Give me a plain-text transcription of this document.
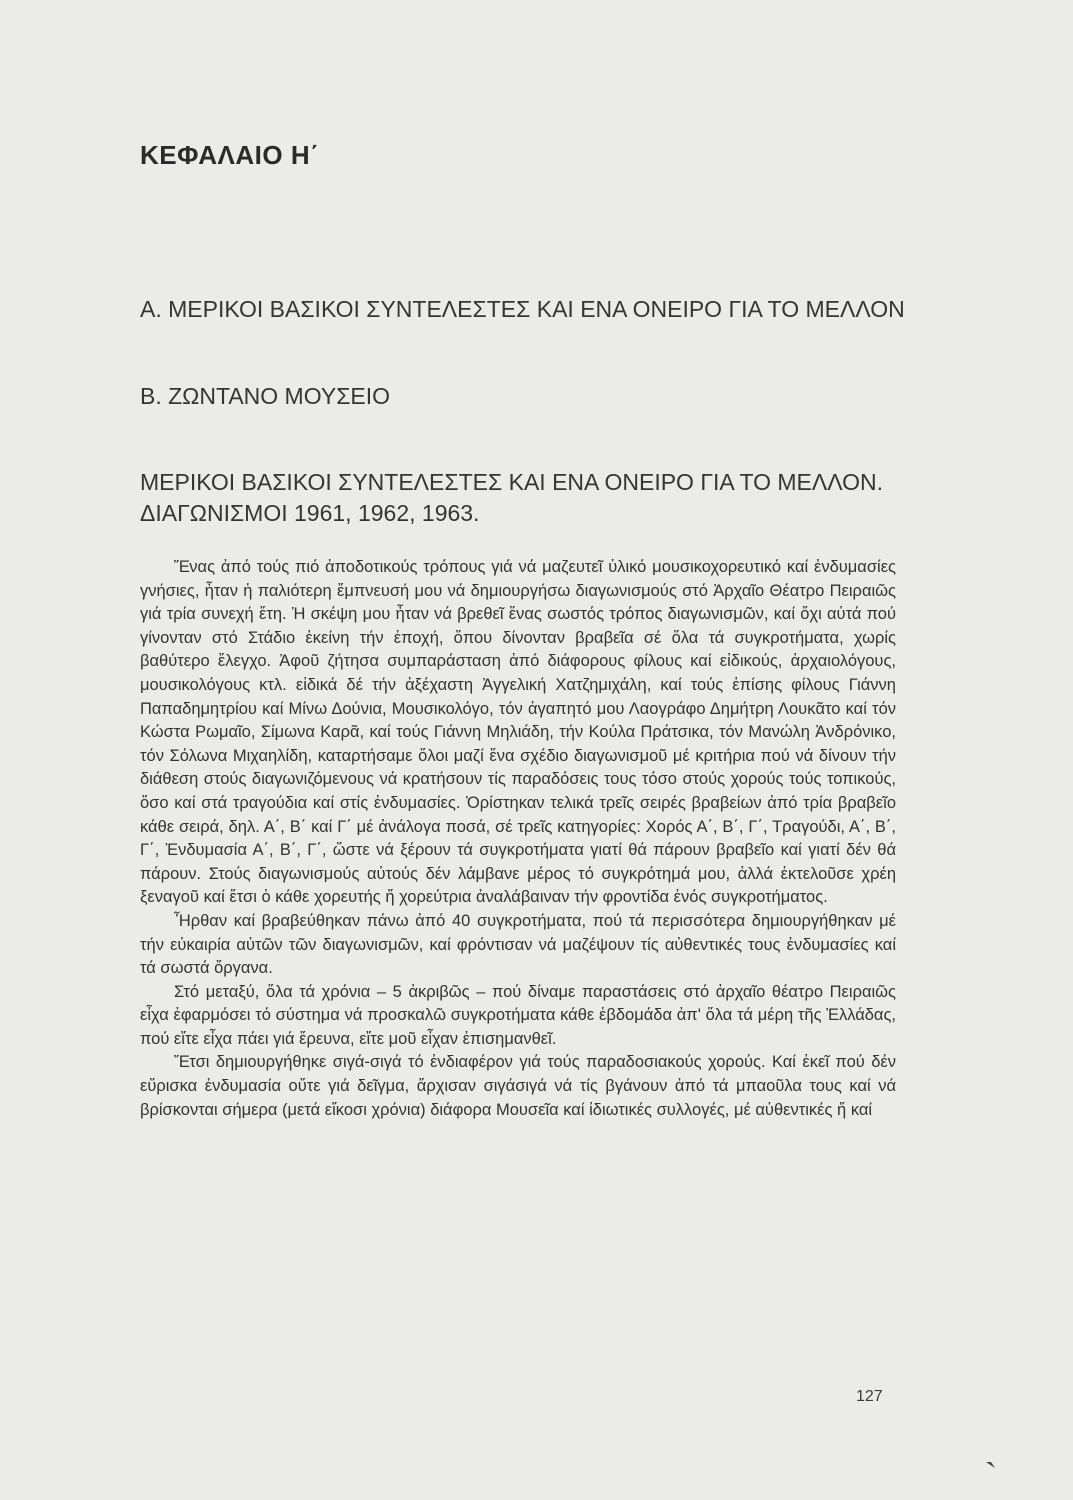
ΚΕΦΑΛΑΙΟ Η΄
Α. ΜΕΡΙΚΟΙ ΒΑΣΙΚΟΙ ΣΥΝΤΕΛΕΣΤΕΣ ΚΑΙ ΕΝΑ ΟΝΕΙΡΟ ΓΙΑ ΤΟ ΜΕΛΛΟΝ
Β. ΖΩΝΤΑΝΟ ΜΟΥΣΕΙΟ
ΜΕΡΙΚΟΙ ΒΑΣΙΚΟΙ ΣΥΝΤΕΛΕΣΤΕΣ ΚΑΙ ΕΝΑ ΟΝΕΙΡΟ ΓΙΑ ΤΟ ΜΕΛΛΟΝ. ΔΙΑΓΩΝΙΣΜΟΙ 1961, 1962, 1963.

Ἕνας ἀπό τούς πιό ἀποδοτικούς τρόπους γιά νά μαζευτεῖ ὑλικό μουσικοχορευτικό καί ἐνδυμασίες γνήσιες, ἦταν ἡ παλιότερη ἔμπνευσή μου νά δημιουργήσω διαγωνισμούς στό Ἀρχαῖο Θέατρο Πειραιῶς γιά τρία συνεχή ἔτη. Ἡ σκέψη μου ἦταν νά βρεθεῖ ἕνας σωστός τρόπος διαγωνισμῶν, καί ὄχι αὐτά πού γίνονταν στό Στάδιο ἐκείνη τήν ἐποχή, ὅπου δίνονταν βραβεῖα σέ ὅλα τά συγκροτήματα, χωρίς βαθύτερο ἔλεγχο. Ἀφοῦ ζήτησα συμπαράσταση ἀπό διάφορους φίλους καί εἰδικούς, ἀρχαιολόγους, μουσικολόγους κτλ. εἰδικά δέ τήν ἀξέχαστη Ἀγγελική Χατζημιχάλη, καί τούς ἐπίσης φίλους Γιάννη Παπαδημητρίου καί Μίνω Δούνια, Μουσικολόγο, τόν ἀγαπητό μου Λαογράφο Δημήτρη Λουκᾶτο καί τόν Κώστα Ρωμαῖο, Σίμωνα Καρᾶ, καί τούς Γιάννη Μηλιάδη, τήν Κούλα Πράτσικα, τόν Μανώλη Ἀνδρόνικο, τόν Σόλωνα Μιχαηλίδη, καταρτήσαμε ὅλοι μαζί ἕνα σχέδιο διαγωνισμοῦ μέ κριτήρια πού νά δίνουν τήν διάθεση στούς διαγωνιζόμενους νά κρατήσουν τίς παραδόσεις τους τόσο στούς χορούς τούς τοπικούς, ὅσο καί στά τραγούδια καί στίς ἐνδυμασίες. Ὁρίστηκαν τελικά τρεῖς σειρές βραβείων ἀπό τρία βραβεῖο κάθε σειρά, δηλ. Α΄, Β΄ καί Γ΄ μέ ἀνάλογα ποσά, σέ τρεῖς κατηγορίες: Χορός Α΄, Β΄, Γ΄, Τραγούδι, Α΄, Β΄, Γ΄, Ἐνδυμασία Α΄, Β΄, Γ΄, ὥστε νά ξέρουν τά συγκροτήματα γιατί θά πάρουν βραβεῖο καί γιατί δέν θά πάρουν. Στούς διαγωνισμούς αὐτούς δέν λάμβανε μέρος τό συγκρότημά μου, ἀλλά ἐκτελοῦσε χρέη ξεναγοῦ καί ἔτσι ὁ κάθε χορευτής ἤ χορεύτρια ἀναλάβαιναν τήν φροντίδα ἑνός συγκροτήματος.

Ἦρθαν καί βραβεύθηκαν πάνω ἀπό 40 συγκροτήματα, πού τά περισσότερα δημιουργήθηκαν μέ τήν εὐκαιρία αὐτῶν τῶν διαγωνισμῶν, καί φρόντισαν νά μαζέψουν τίς αὐθεντικές τους ἐνδυμασίες καί τά σωστά ὄργανα.

Στό μεταξύ, ὅλα τά χρόνια – 5 ἀκριβῶς – πού δίναμε παραστάσεις στό ἀρχαῖο θέατρο Πειραιῶς εἶχα ἐφαρμόσει τό σύστημα νά προσκαλῶ συγκροτήματα κάθε ἑβδομάδα ἀπ' ὅλα τά μέρη τῆς Ἑλλάδας, πού εἴτε εἶχα πάει γιά ἔρευνα, εἴτε μοῦ εἶχαν ἐπισημανθεῖ.

Ἔτσι δημιουργήθηκε σιγά-σιγά τό ἐνδιαφέρον γιά τούς παραδοσιακούς χορούς. Καί ἐκεῖ πού δέν εὕρισκα ἐνδυμασία οὔτε γιά δεῖγμα, ἄρχισαν σιγάσιγά νά τίς βγάνουν ἀπό τά μπαοῦλα τους καί νά βρίσκονται σήμερα (μετά εἴκοσι χρόνια) διάφορα Μουσεῖα καί ἰδιωτικές συλλογές, μέ αὐθεντικές ἤ καί

127
